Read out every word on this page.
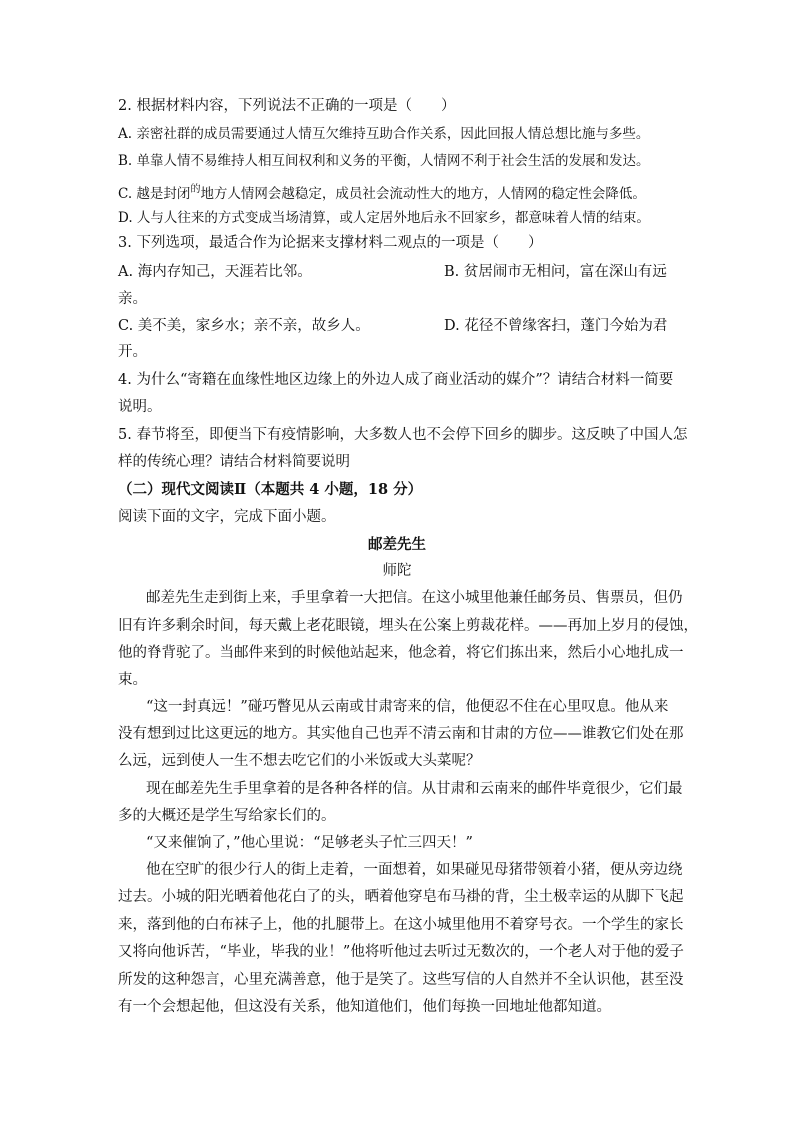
2. 根据材料内容，下列说法不正确的一项是（　　）
A. 亲密社群的成员需要通过人情互欠维持互助合作关系，因此回报人情总想比施与多些。
B. 单靠人情不易维持人相互间权利和义务的平衡，人情网不利于社会生活的发展和发达。
C. 越是封闭$^的$地方人情网会越稳定，成员社会流动性大的地方，人情网的稳定性会降低。
D. 人与人往来的方式变成当场清算，或人定居外地后永不回家乡，都意味着人情的结束。
3. 下列选项，最适合作为论据来支撑材料二观点的一项是（　　）
A. 海内存知己，天涯若比邻。	B. 贫居闹市无相问，富在深山有远
亲。
C. 美不美，家乡水；亲不亲，故乡人。	D. 花径不曾缘客扫，蓬门今始为君
开。
4. 为什么“寄籍在血缘性地区边缘上的外边人成了商业活动的媒介”？请结合材料一简要
说明。
5. 春节将至，即便当下有疫情影响，大多数人也不会停下回乡的脚步。这反映了中国人怎
样的传统心理？请结合材料简要说明
（二）现代文阅读Ⅱ（本题共 4 小题，18 分）
阅读下面的文字，完成下面小题。
邮差先生
师陀
邮差先生走到街上来，手里拿着一大把信。在这小城里他兼任邮务员、售票员，但仍
旧有许多剩余时间，每天戴上老花眼镜，埋头在公案上剪裁花样。——再加上岁月的侵蚀，
他的脊背驼了。当邮件来到的时候他站起来，他念着，将它们拣出来，然后小心地扎成一
束。
“这一封真远！”碰巧瞥见从云南或甘肃寄来的信，他便忍不住在心里叹息。他从来
没有想到过比这更远的地方。其实他自己也弄不清云南和甘肃的方位——谁教它们处在那
么远，远到使人一生不想去吃它们的小米饭或大头菜呢？
现在邮差先生手里拿着的是各种各样的信。从甘肃和云南来的邮件毕竟很少，它们最
多的大概还是学生写给家长们的。
“又来催饷了，”他心里说：“足够老头子忙三四天！”
他在空旷的很少行人的街上走着，一面想着，如果碰见母猪带领着小猪，便从旁边绕
过去。小城的阳光晒着他花白了的头，晒着他穿皂布马褂的背，尘土极幸运的从脚下飞起
来，落到他的白布袜子上，他的扎腿带上。在这小城里他用不着穿号衣。一个学生的家长
又将向他诉苦，“毕业，毕我的业！”他将听他过去听过无数次的，一个老人对于他的爱子
所发的这种怨言，心里充满善意，他于是笑了。这些写信的人自然并不全认识他，甚至没
有一个会想起他，但这没有关系，他知道他们，他们每换一回地址他都知道。
